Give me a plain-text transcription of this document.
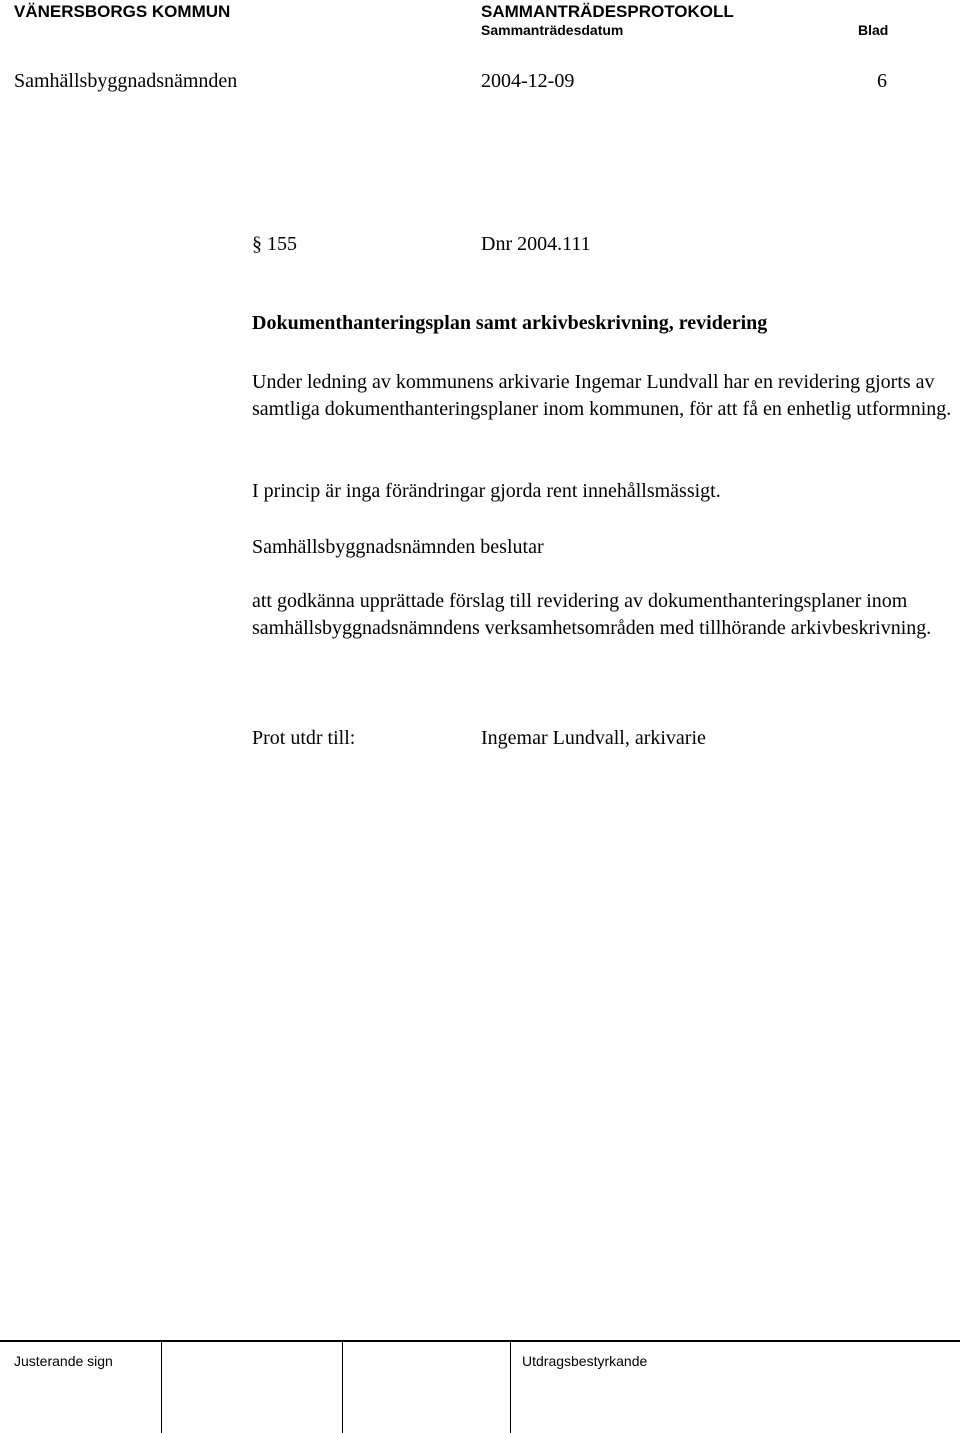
VÄNERSBORGS KOMMUN	SAMMANTRÄDESPROTOKOLL
Sammanträdesdatum	Blad
Samhällsbyggnadsnämnden	2004-12-09	6
§ 155	Dnr 2004.111
Dokumenthanteringsplan samt arkivbeskrivning, revidering
Under ledning av kommunens arkivarie Ingemar Lundvall har en revidering gjorts av samtliga dokumenthanteringsplaner inom kommunen, för att få en enhetlig utformning.
I princip är inga förändringar gjorda rent innehållsmässigt.
Samhällsbyggnadsnämnden beslutar
att godkänna upprättade förslag till revidering av dokumenthanteringsplaner inom samhällsbyggnadsnämndens verksamhetsområden med tillhörande arkivbeskrivning.
Prot utdr till:	Ingemar Lundvall, arkivarie
Justerande sign	Utdragsbestyrkande
